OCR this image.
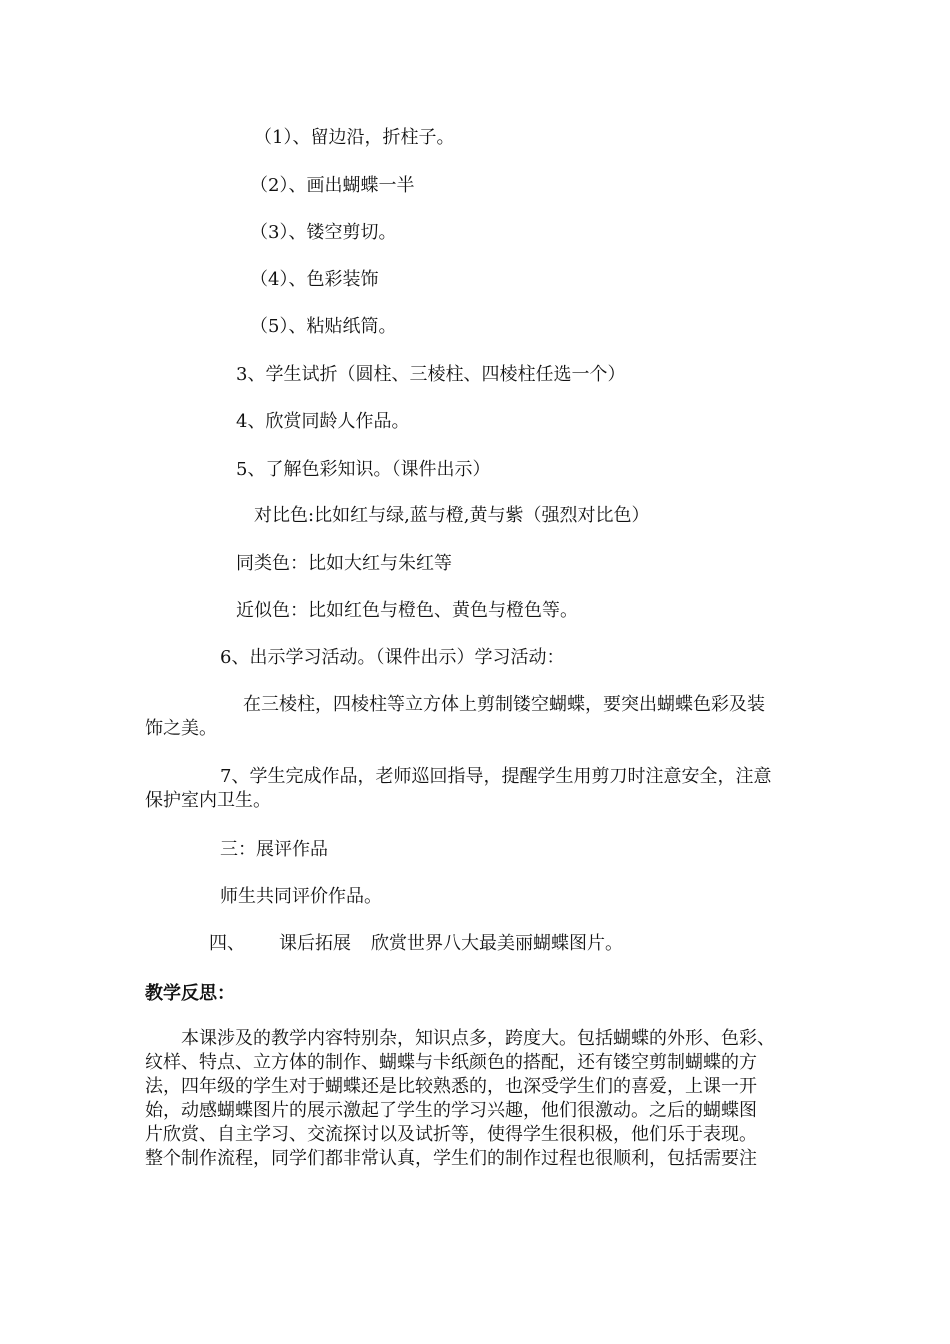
（1）、留边沿，折柱子。
（2）、画出蝴蝶一半
（3）、镂空剪切。
（4）、色彩装饰
（5）、粘贴纸筒。
3、学生试折（圆柱、三棱柱、四棱柱任选一个）
4、欣赏同龄人作品。
5、了解色彩知识。（课件出示）
对比色:比如红与绿,蓝与橙,黄与紫（强烈对比色）
同类色：比如大红与朱红等
近似色：比如红色与橙色、黄色与橙色等。
6、出示学习活动。（课件出示）学习活动：
在三棱柱，四棱柱等立方体上剪制镂空蝴蝶，要突出蝴蝶色彩及装
饰之美。
7、学生完成作品，老师巡回指导，提醒学生用剪刀时注意安全，注意
保护室内卫生。
三：展评作品
师生共同评价作品。
四、 课后拓展 欣赏世界八大最美丽蝴蝶图片。
教学反思：
本课涉及的教学内容特别杂，知识点多，跨度大。包括蝴蝶的外形、色彩、
纹样、特点、立方体的制作、蝴蝶与卡纸颜色的搭配，还有镂空剪制蝴蝶的方
法，四年级的学生对于蝴蝶还是比较熟悉的，也深受学生们的喜爱，上课一开
始，动感蝴蝶图片的展示激起了学生的学习兴趣，他们很激动。之后的蝴蝶图
片欣赏、自主学习、交流探讨以及试折等，使得学生很积极，他们乐于表现。
整个制作流程，同学们都非常认真，学生们的制作过程也很顺利，包括需要注
